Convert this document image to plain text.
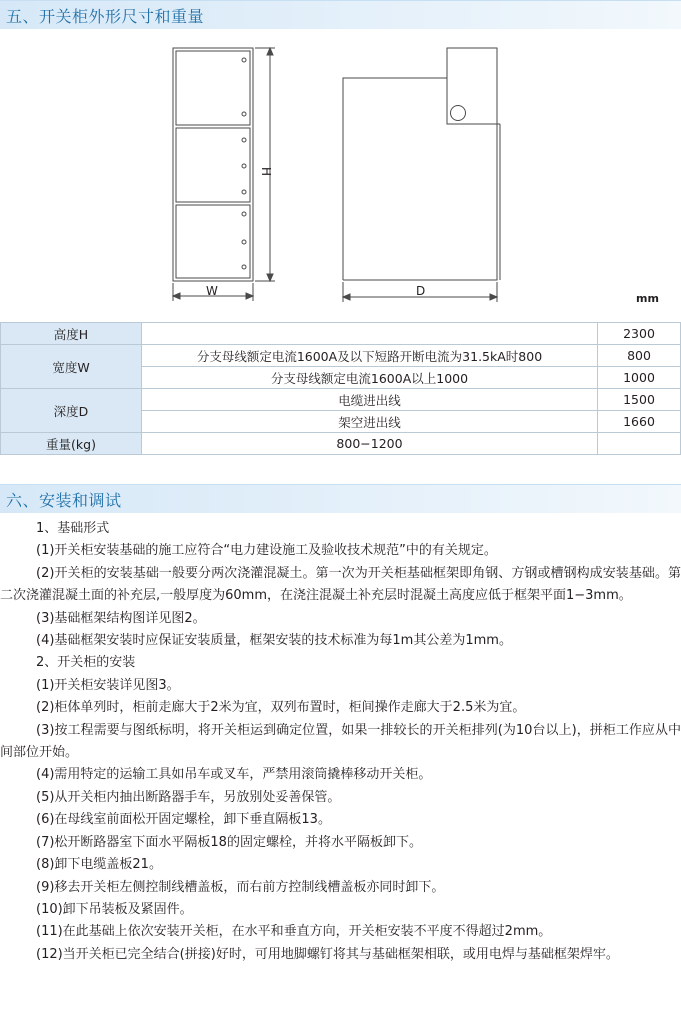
五、开关柜外形尺寸和重量
H
W	D
mm
高度H		2300
宽度W	分支母线额定电流1600A及以下短路开断电流为31.5kA时800	800
	分支母线额定电流1600A以上1000	1000
深度D	电缆进出线	1500
	架空进出线	1660
重量(kg)	800−1200	
六、安装和调试

1、基础形式

(1)开关柜安装基础的施工应符合“电力建设施工及验收技术规范”中的有关规定。

(2)开关柜的安装基础一般要分两次浇灌混凝土。第一次为开关柜基础框架即角钢、方钢或槽钢构成安装基础。第二次浇灌混凝土面的补充层,一般厚度为60mm，在浇注混凝土补充层时混凝土高度应低于框架平面1−3mm。

(3)基础框架结构图详见图2。

(4)基础框架安装时应保证安装质量，框架安装的技术标准为每1m其公差为1mm。

2、开关柜的安装

(1)开关柜安装详见图3。

(2)柜体单列时，柜前走廊大于2米为宜，双列布置时，柜间操作走廊大于2.5米为宜。

(3)按工程需要与图纸标明，将开关柜运到确定位置，如果一排较长的开关柜排列(为10台以上)，拼柜工作应从中间部位开始。

(4)需用特定的运输工具如吊车或叉车，严禁用滚筒撬棒移动开关柜。

(5)从开关柜内抽出断路器手车，另放别处妥善保管。

(6)在母线室前面松开固定螺栓，卸下垂直隔板13。

(7)松开断路器室下面水平隔板18的固定螺栓，并将水平隔板卸下。

(8)卸下电缆盖板21。

(9)移去开关柜左侧控制线槽盖板，而右前方控制线槽盖板亦同时卸下。

(10)卸下吊装板及紧固件。

(11)在此基础上依次安装开关柜，在水平和垂直方向，开关柜安装不平度不得超过2mm。

(12)当开关柜已完全结合(拼接)好时，可用地脚螺钉将其与基础框架相联，或用电焊与基础框架焊牢。
